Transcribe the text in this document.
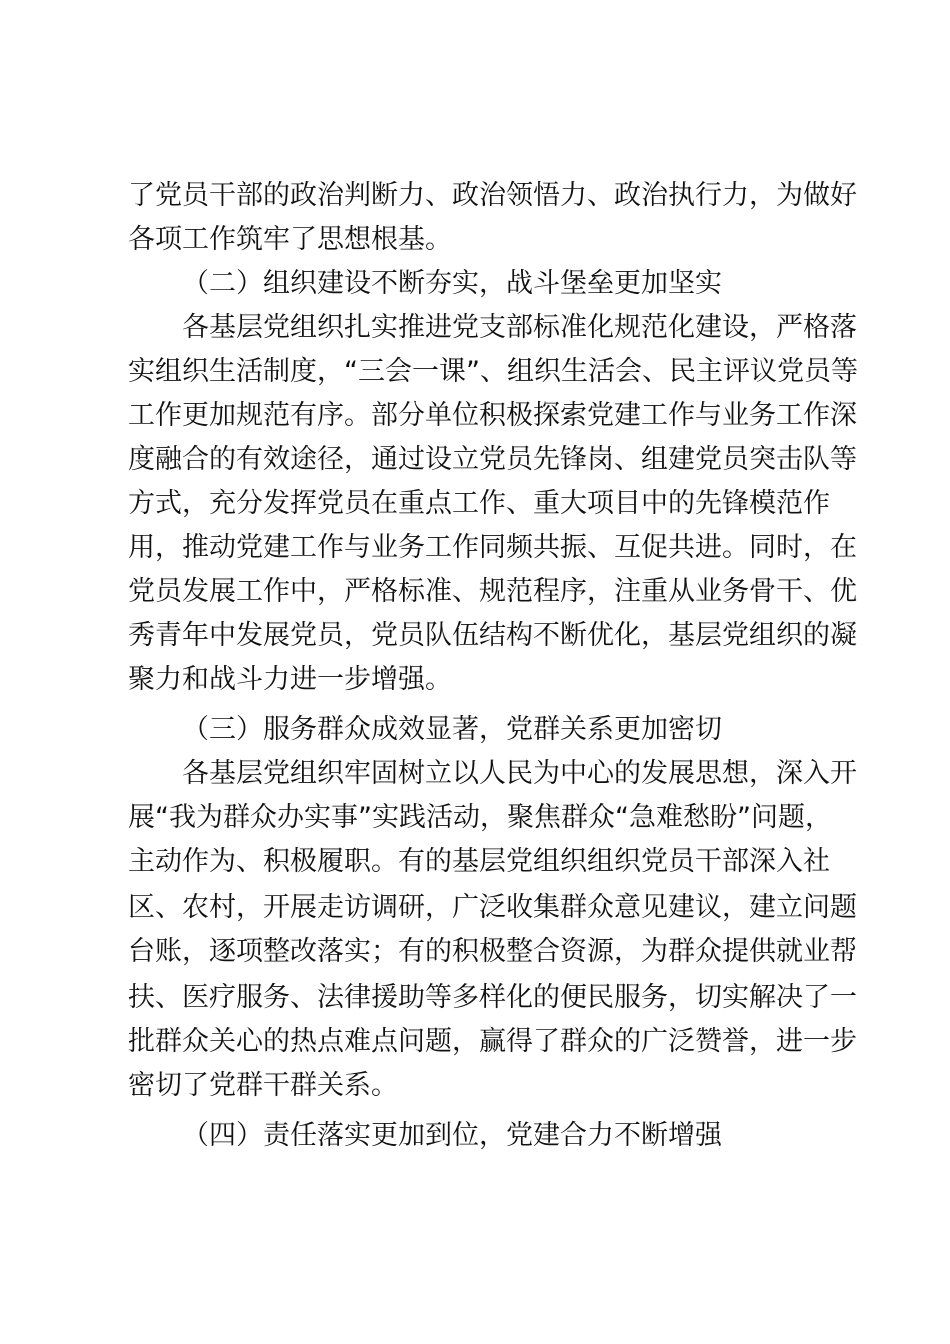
了党员干部的政治判断力、政治领悟力、政治执行力，为做好
各项工作筑牢了思想根基。
（二）组织建设不断夯实，战斗堡垒更加坚实
各基层党组织扎实推进党支部标准化规范化建设，严格落
实组织生活制度，“三会一课”、组织生活会、民主评议党员等
工作更加规范有序。部分单位积极探索党建工作与业务工作深
度融合的有效途径，通过设立党员先锋岗、组建党员突击队等
方式，充分发挥党员在重点工作、重大项目中的先锋模范作
用，推动党建工作与业务工作同频共振、互促共进。同时，在
党员发展工作中，严格标准、规范程序，注重从业务骨干、优
秀青年中发展党员，党员队伍结构不断优化，基层党组织的凝
聚力和战斗力进一步增强。
（三）服务群众成效显著，党群关系更加密切
各基层党组织牢固树立以人民为中心的发展思想，深入开
展“我为群众办实事”实践活动，聚焦群众“急难愁盼”问题，
主动作为、积极履职。有的基层党组织组织党员干部深入社
区、农村，开展走访调研，广泛收集群众意见建议，建立问题
台账，逐项整改落实；有的积极整合资源，为群众提供就业帮
扶、医疗服务、法律援助等多样化的便民服务，切实解决了一
批群众关心的热点难点问题，赢得了群众的广泛赞誉，进一步
密切了党群干群关系。
（四）责任落实更加到位，党建合力不断增强
